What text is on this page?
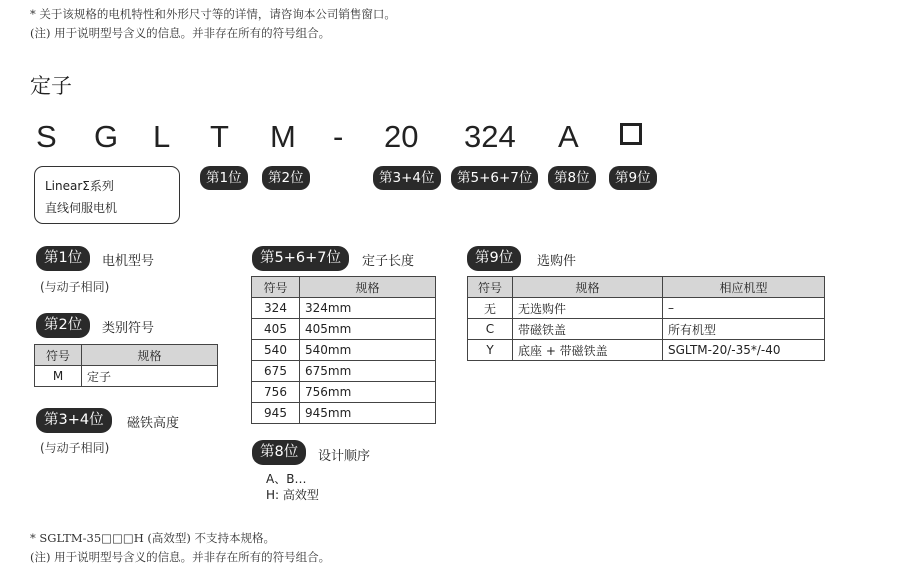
* 关于该规格的电机特性和外形尺寸等的详情，请咨询本公司销售窗口。
(注) 用于说明型号含义的信息。并非存在所有的符号组合。
定子
S G L T M - 20 324 A
LinearΣ系列
直线伺服电机
第1位	第2位	第3+4位	第5+6+7位	第8位	第9位
第1位	电机型号
(与动子相同)
第2位	类别符号
符号	规格
M	定子
第3+4位	磁铁高度
(与动子相同)
第5+6+7位	定子长度
符号	规格
324	324mm
405	405mm
540	540mm
675	675mm
756	756mm
945	945mm
第8位	设计顺序
A、B…
H: 高效型
第9位	选购件
符号	规格	相应机型
无	无选购件	–
C	带磁铁盖	所有机型
Y	底座 + 带磁铁盖	SGLTM-20/-35*/-40
* SGLTM-35□□□H (高效型) 不支持本规格。
(注) 用于说明型号含义的信息。并非存在所有的符号组合。
